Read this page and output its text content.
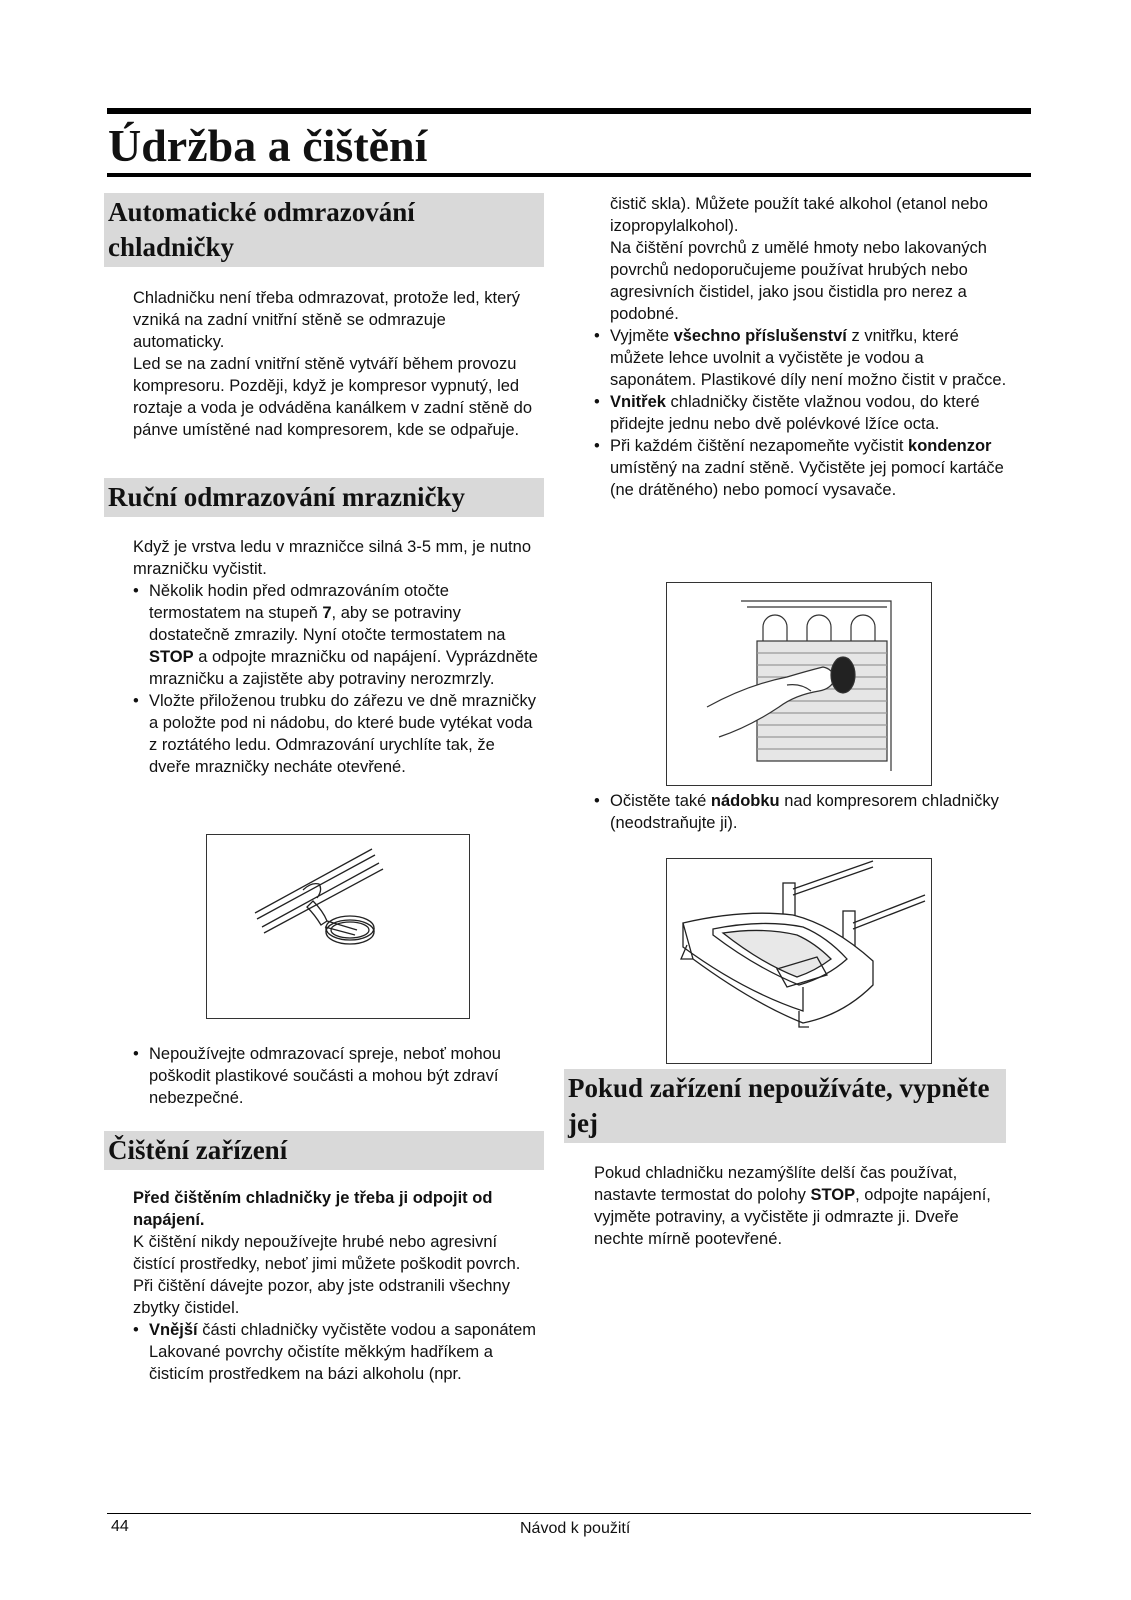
Údržba a čištění
Automatické odmrazování chladničky

Chladničku není třeba odmrazovat, protože led, který vzniká na zadní vnitřní stěně se odmrazuje automaticky.

Led se na zadní vnitřní stěně vytváří během provozu kompresoru. Později, když je kompresor vypnutý, led roztaje a voda je odváděna kanálkem v zadní stěně do pánve umístěné nad kompresorem, kde se odpařuje.

Ruční odmrazování mrazničky

Když je vrstva ledu v mrazničce silná 3-5 mm, je nutno mrazničku vyčistit.

• Několik hodin před odmrazováním otočte termostatem na stupeň 7, aby se potraviny dostatečně zmrazily. Nyní otočte termostatem na STOP a odpojte mrazničku od napájení. Vyprázdněte mrazničku a zajistěte aby potraviny nerozmrzly.

• Vložte přiloženou trubku do zářezu ve dně mrazničky a položte pod ni nádobu, do které bude vytékat voda z roztátého ledu. Odmrazování urychlíte tak, že dveře mrazničky necháte otevřené.

• Nepoužívejte odmrazovací spreje, neboť mohou poškodit plastikové součásti a mohou být zdraví nebezpečné.

Čištění zařízení

Před čištěním chladničky je třeba ji odpojit od napájení.

K čištění nikdy nepoužívejte hrubé nebo agresivní čistící prostředky, neboť jimi můžete poškodit povrch.

Při čištění dávejte pozor, aby jste odstranili všechny zbytky čistidel.

• Vnější části chladničky vyčistěte vodou a saponátem

Lakované povrchy očistíte měkkým hadříkem a čisticím prostředkem na bázi alkoholu (npr.

čistič skla). Můžete použít také alkohol (etanol nebo izopropylalkohol).

Na čištění povrchů z umělé hmoty nebo lakovaných povrchů nedoporučujeme používat hrubých nebo agresivních čistidel, jako jsou čistidla pro nerez a podobné.

• Vyjměte všechno příslušenství z vnitřku, které můžete lehce uvolnit a vyčistěte je vodou a saponátem. Plastikové díly není možno čistit v pračce.

• Vnitřek chladničky čistěte vlažnou vodou, do které přidejte jednu nebo dvě polévkové lžíce octa.

• Při každém čištění nezapomeňte vyčistit kondenzor umístěný na zadní stěně. Vyčistěte jej pomocí kartáče (ne drátěného) nebo pomocí vysavače.

• Očistěte také nádobku nad kompresorem chladničky (neodstraňujte ji).

Pokud zařízení nepoužíváte, vypněte jej

Pokud chladničku nezamýšlíte delší čas používat, nastavte termostat do polohy STOP, odpojte napájení, vyjměte potraviny, a vyčistěte ji odmrazte ji. Dveře nechte mírně pootevřené.

44	Návod k použití
